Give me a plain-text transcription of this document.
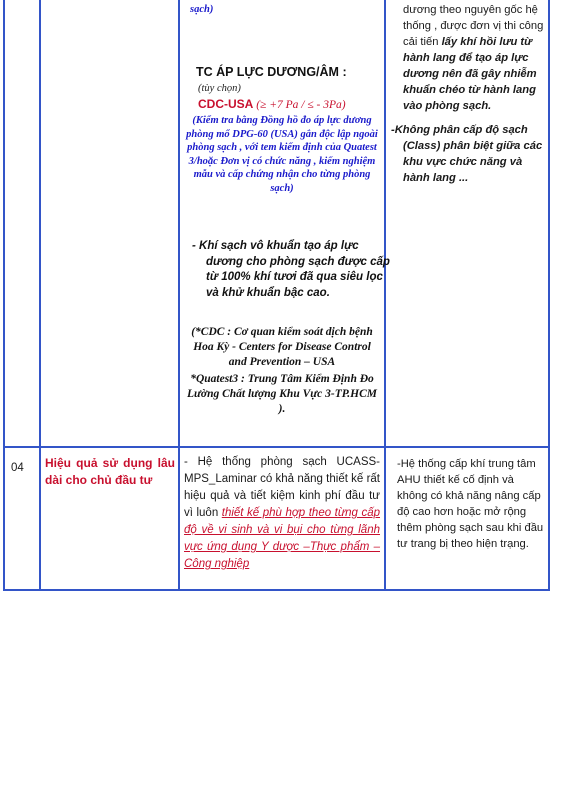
sạch)
TC ÁP LỰC DƯƠNG/ÂM :
(tùy chọn)
CDC-USA (≥ +7 Pa / ≤ - 3Pa)
(Kiểm tra bằng Đồng hồ đo áp lực dương phòng mổ DPG-60 (USA) gắn độc lập ngoài phòng sạch , với tem kiểm định của Quatest 3/hoặc Đơn vị có chức năng , kiểm nghiệm mẫu và cấp chứng nhận cho từng phòng sạch)
- Khí sạch vô khuẩn tạo áp lực dương cho phòng sạch được cấp từ 100% khí tươi đã qua siêu lọc và khử khuẩn bậc cao.
(*CDC : Cơ quan kiểm soát dịch bệnh Hoa Kỳ - Centers for Disease Control and Prevention – USA
*Quatest3 : Trung Tâm Kiểm Định Đo Lường Chất lượng Khu Vực 3-TP.HCM ).
dương theo nguyên gốc hệ thống , được đơn vị thi công cải tiến lấy khí hồi lưu từ hành lang để tạo áp lực dương nên đã gây nhiễm khuẩn chéo từ hành lang vào phòng sạch.
-Không phân cấp độ sạch (Class) phân biệt giữa các khu vực chức năng và hành lang ...
04	Hiệu quả sử dụng lâu dài cho chủ đầu tư
- Hệ thống phòng sạch UCASS-MPS_Laminar có khả năng thiết kế rất hiệu quả và tiết kiệm kinh phí đầu tư vì luôn thiết kế phù hợp theo từng cấp độ về vi sinh và vi bụi cho từng lãnh vực ứng dụng Y dược –Thực phẩm –Công nghiệp
-Hệ thống cấp khí trung tâm AHU thiết kế cố định và không có khả năng nâng cấp độ cao hơn hoặc mở rộng thêm phòng sạch sau khi đầu tư trang bị theo hiện trạng.
